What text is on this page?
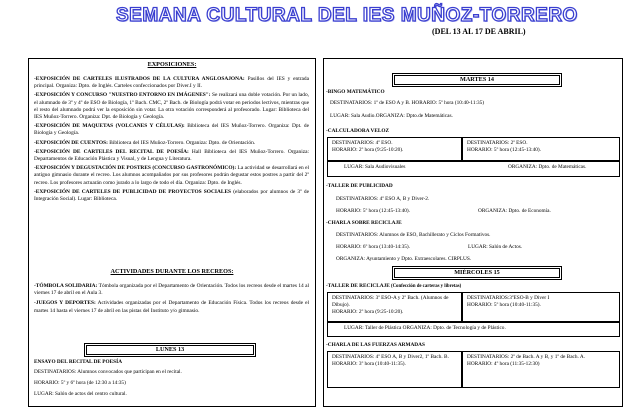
SEMANA CULTURAL DEL IES MUÑOZ-TORRERO
(DEL 13 AL 17 DE ABRIL)
EXPOSICIONES:
-EXPOSICIÓN DE CARTELES ILUSTRADOS DE LA CULTURA ANGLOSAJONA: Pasillos del IES y entrada principal. Organiza: Dpto. de Inglés. Carteles confeccionados por Diver.I y II.
-EXPOSICIÓN Y CONCURSO "NUESTRO ENTORNO EN IMÁGENES": Se realizará una doble votación. Por un lado, el alumnado de 3º y 4º de ESO de Biología, 1º Bach. CMC, 2º Bach. de Biología podrá votar en periodos lectivos, mientras que el resto del alumnado podrá ver la exposición sin votar. La otra votación corresponderá al profesorado. Lugar: Biblioteca del IES Muñoz-Torrero. Organiza: Dpt. de Biología y Geología.
-EXPOSICIÓN DE MAQUETAS (VOLCANES Y CÉLULAS): Biblioteca del IES Muñoz-Torrero. Organiza: Dpt. de Biología y Geología.
-EXPOSICIÓN DE CUENTOS: Biblioteca del IES Muñoz-Torrero. Organiza: Dpto. de Orientación.
-EXPOSICIÓN DE CARTELES DEL RECITAL DE POESÍA: Hall Biblioteca del IES Muñoz-Torrero. Organiza: Departamentos de Educación Plástica y Visual, y de Lengua y Literatura.
-EXPOSICIÓN Y DEGUSTACIÓN DE POSTRES (CONCURSO GASTRONÓMICO): La actividad se desarrollará en el antiguo gimnasio durante el recreo. Los alumnos acompañados por sus profesores podrán degustar estos postres a partir del 2º recreo. Los profesores actuarán como jurado a lo largo de todo el día. Organiza: Dpto. de Inglés.
-EXPOSICIÓN DE CARTELES DE PUBLICIDAD DE PROYECTOS SOCIALES (elaborados por alumnos de 3º de Integración Social). Lugar: Biblioteca.
ACTIVIDADES DURANTE LOS RECREOS:
-TÓMBOLA SOLIDARIA: Tómbola organizada por el Departamento de Orientación. Todos los recreos desde el martes 14 al viernes 17 de abril en el Aula 3.
-JUEGOS Y DEPORTES: Actividades organizadas por el Departamento de Educación Física. Todos los recreos desde el martes 14 hasta el viernes 17 de abril en las pistas del Instituto y/o gimnasio.
LUNES 13
ENSAYO DEL RECITAL DE POESÍA
DESTINATARIOS: Alumnos convocados que participan en el recital.
HORARIO: 5º y 6º hora (de 12:30 a 14:35)
LUGAR: Salón de actos del centro cultural.
MARTES 14
-BINGO MATEMÁTICO
DESTINATARIOS: 1º de ESO A y B. HORARIO: 5º hora (10:40-11:35)
LUGAR: Sala Audio.ORGANIZA: Dpto.de Matemáticas.
-CALCULADORA VELOZ
DESTINATARIOS: 4º ESO.
HORARIO: 2º hora (9:25-10:20).
DESTINATARIOS: 2º ESO.
HORARIO: 5º hora (12:45-13:40).
LUGAR: Sala Audiovisuales	ORGANIZA: Dpto. de Matemáticas.
-TALLER DE PUBLICIDAD
DESTINATARIOS: 4º ESO A, B y Diver-2.
HORARIO: 5º hora (12:45-13:40).	ORGANIZA: Dpto. de Economía.
-CHARLA SOBRE RECICLAJE
DESTINATARIOS: Alumnos de ESO, Bachillerato y Ciclos Formativos.
HORARIO: 6º hora (13:40-14:35).	LUGAR: Salón de Actos.
ORGANIZA: Ayuntamiento y Dpto. Extraescolares. CIRPLUS.
MIÉRCOLES 15
-TALLER DE RECICLAJE (Confección de carteras y libretas)
DESTINATARIOS: 3º ESO-A y 2º Bach. (Alumnos de Dibujo).
HORARIO: 2º hora (9:25-10:20).
DESTINATARIOS:3ºESO-B y Diver I
HORARIO: 5º hora (10:40-11:35).
LUGAR: Taller de Plástica ORGANIZA: Dpto. de Tecnología y de Plástico.
-CHARLA DE LAS FUERZAS ARMADAS
DESTINATARIOS: 4º ESO A, B y Diver2, 1º Bach. B.
HORARIO: 3º hora (10:40-11:35).
DESTINATARIOS: 2º de Bach. A y B, y 1º de Bach. A.
HORARIO: 4º hora (11:35-12:30)
